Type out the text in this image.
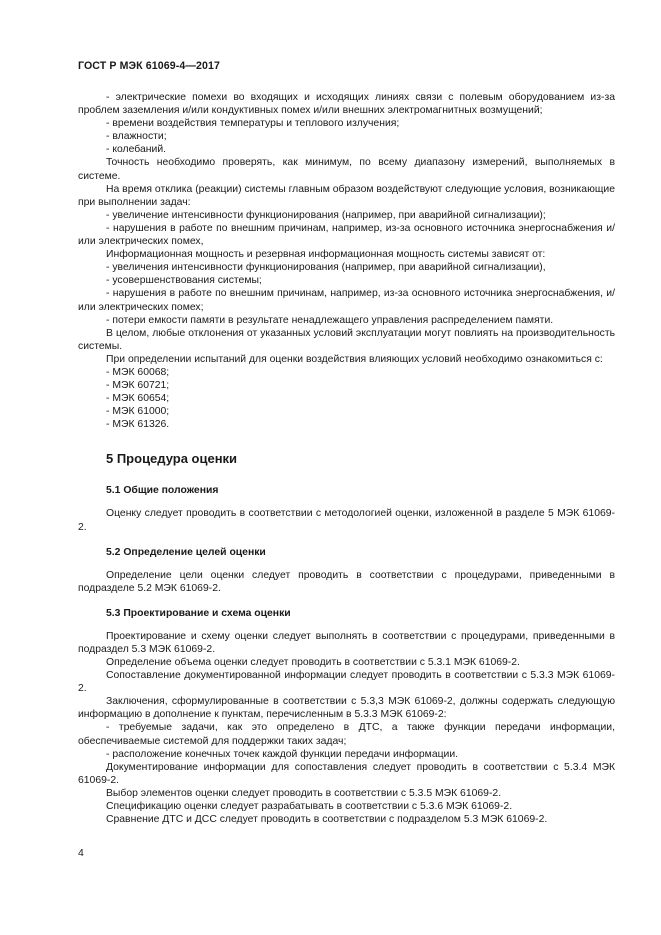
ГОСТ Р МЭК 61069-4—2017

- электрические помехи во входящих и исходящих линиях связи с полевым оборудованием из-за проблем заземления и/или кондуктивных помех и/или внешних электромагнитных возмущений;

- времени воздействия температуры и теплового излучения;

- влажности;

- колебаний.

Точность необходимо проверять, как минимум, по всему диапазону измерений, выполняемых в системе.

На время отклика (реакции) системы главным образом воздействуют следующие условия, возникающие при выполнении задач:

- увеличение интенсивности функционирования (например, при аварийной сигнализации);

- нарушения в работе по внешним причинам, например, из-за основного источника энергоснабжения и/или электрических помех,

Информационная мощность и резервная информационная мощность системы зависят от:

- увеличения интенсивности функционирования (например, при аварийной сигнализации),

- усовершенствования системы;

- нарушения в работе по внешним причинам, например, из-за основного источника энергоснабжения, и/или электрических помех;

- потери емкости памяти в результате ненадлежащего управления распределением памяти.

В целом, любые отклонения от указанных условий эксплуатации могут повлиять на производительность системы.

При определении испытаний для оценки воздействия влияющих условий необходимо ознакомиться с:

- МЭК 60068;

- МЭК 60721;

- МЭК 60654;

- МЭК 61000;

- МЭК 61326.

5 Процедура оценки
5.1 Общие положения

Оценку следует проводить в соответствии с методологией оценки, изложенной в разделе 5 МЭК 61069-2.

5.2 Определение целей оценки

Определение цели оценки следует проводить в соответствии с процедурами, приведенными в подразделе 5.2 МЭК 61069-2.

5.3 Проектирование и схема оценки

Проектирование и схему оценки следует выполнять в соответствии с процедурами, приведенными в подраздел 5.3 МЭК 61069-2.

Определение объема оценки следует проводить в соответствии с 5.3.1 МЭК 61069-2.

Сопоставление документированной информации следует проводить в соответствии с 5.3.3 МЭК 61069-2.

Заключения, сформулированные в соответствии с 5.3,3 МЭК 61069-2, должны содержать следующую информацию в дополнение к пунктам, перечисленным в 5.3.3 МЭК 61069-2:

- требуемые задачи, как это определено в ДТС, а также функции передачи информации, обеспечиваемые системой для поддержки таких задач;

- расположение конечных точек каждой функции передачи информации.

Документирование информации для сопоставления следует проводить в соответствии с 5.3.4 МЭК 61069-2.

Выбор элементов оценки следует проводить в соответствии с 5.3.5 МЭК 61069-2.

Спецификацию оценки следует разрабатывать в соответствии с 5.3.6 МЭК 61069-2.

Сравнение ДТС и ДСС следует проводить в соответствии с подразделом 5.3 МЭК 61069-2.

4
